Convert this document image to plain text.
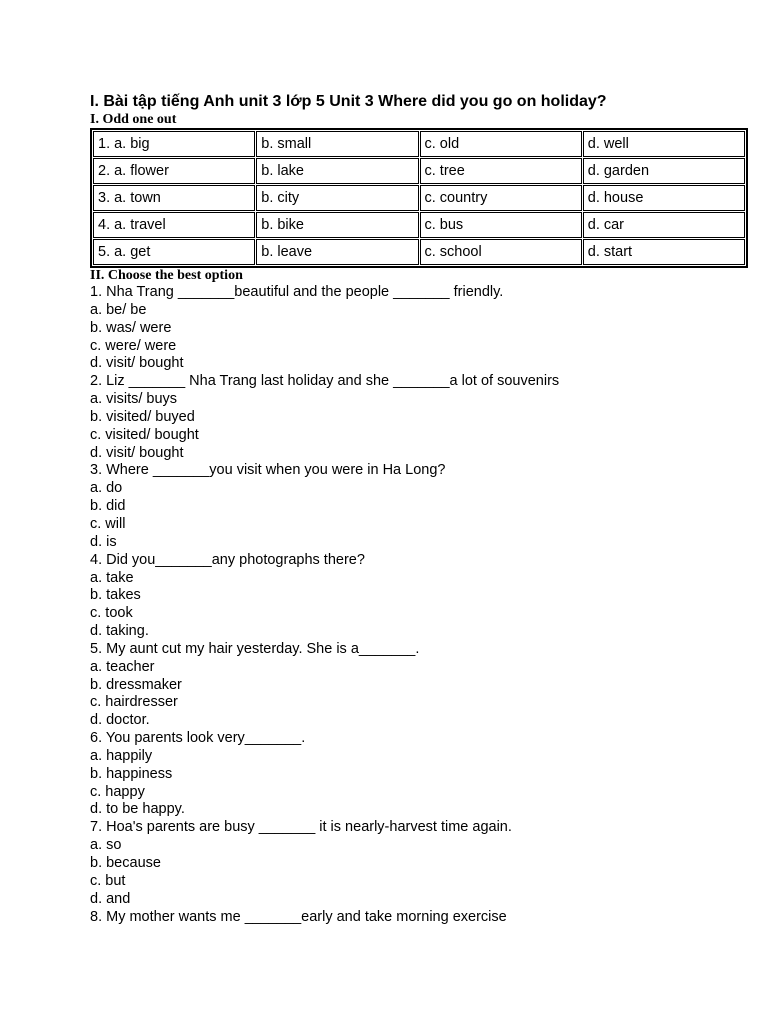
I. Bài tập tiếng Anh unit 3 lớp 5 Unit 3 Where did you go on holiday?
I. Odd one out
1. a. big	b. small	c. old	d. well
2. a. flower	b. lake	c. tree	d. garden
3. a. town	b. city	c. country	d. house
4. a. travel	b. bike	c. bus	d. car
5. a. get	b. leave	c. school	d. start
II. Choose the best option
1. Nha Trang _______beautiful and the people _______ friendly.
a. be/ be
b. was/ were
c. were/ were
d. visit/ bought
2. Liz _______ Nha Trang last holiday and she _______a lot of souvenirs
a. visits/ buys
b. visited/ buyed
c. visited/ bought
d. visit/ bought
3. Where _______you visit when you were in Ha Long?
a. do
b. did
c. will
d. is
4. Did you_______any photographs there?
a. take
b. takes
c. took
d. taking.
5. My aunt cut my hair yesterday. She is a_______.
a. teacher
b. dressmaker
c. hairdresser
d. doctor.
6. You parents look very_______.
a. happily
b. happiness
c. happy
d. to be happy.
7. Hoa's parents are busy _______ it is nearly-harvest time again.
a. so
b. because
c. but
d. and
8. My mother wants me _______early and take morning exercise
